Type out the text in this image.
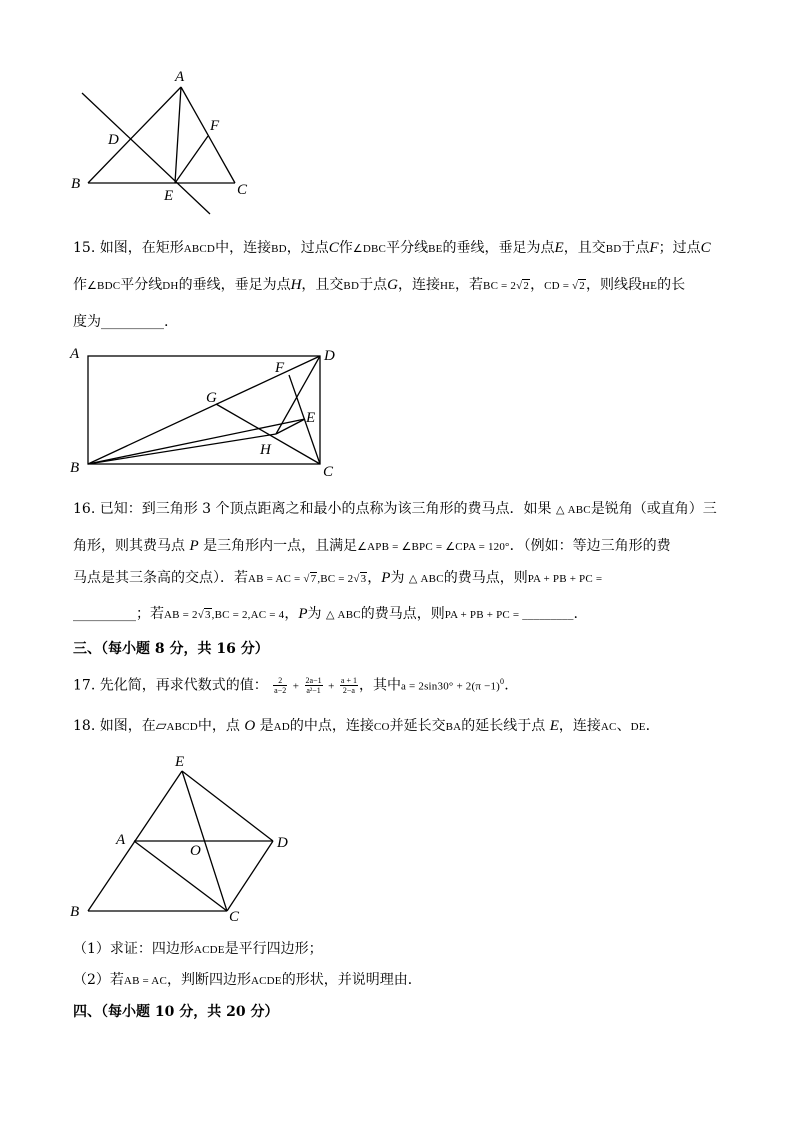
A
B	C
D
E
F
15. 如图，在矩形ABCD中，连接BD，过点C作∠DBC平分线BE的垂线，垂足为点E，且交BD于点F；过点C
作∠BDC平分线DH的垂线，垂足为点H，且交BD于点G，连接HE，若BC = 2√2，CD = √2，则线段HE的长
度为_________.
A
B	C
D
E
F
G
H
16. 已知：到三角形 3 个顶点距离之和最小的点称为该三角形的费马点．如果 △ ABC是锐角（或直角）三
角形，则其费马点 P 是三角形内一点，且满足∠APB = ∠BPC = ∠CPA = 120°．（例如：等边三角形的费
马点是其三条高的交点）．若AB = AC = √7,BC = 2√3，P为 △ ABC的费马点，则PA + PB + PC =
_________；若AB = 2√3,BC = 2,AC = 4，P为 △ ABC的费马点，则PA + PB + PC = _________.
三、（每小题 8 分，共 16 分）
17. 先化简，再求代数式的值： $\frac{2}{a-2} + \frac{2a-1}{\text{a²−1}} + \frac{a + 1}{2-a}$ ，其中$a = 2\sin 30^\circ + 2(\pi -1)^0$.
18. 如图，在▱ABCD中，点 O 是AD的中点，连接CO并延长交BA的延长线于点 E，连接AC、DE.
A
B	C
D
E
O
（1）求证：四边形ACDE是平行四边形；
（2）若AB = AC，判断四边形ACDE的形状，并说明理由．
四、（每小题 10 分，共 20 分）
